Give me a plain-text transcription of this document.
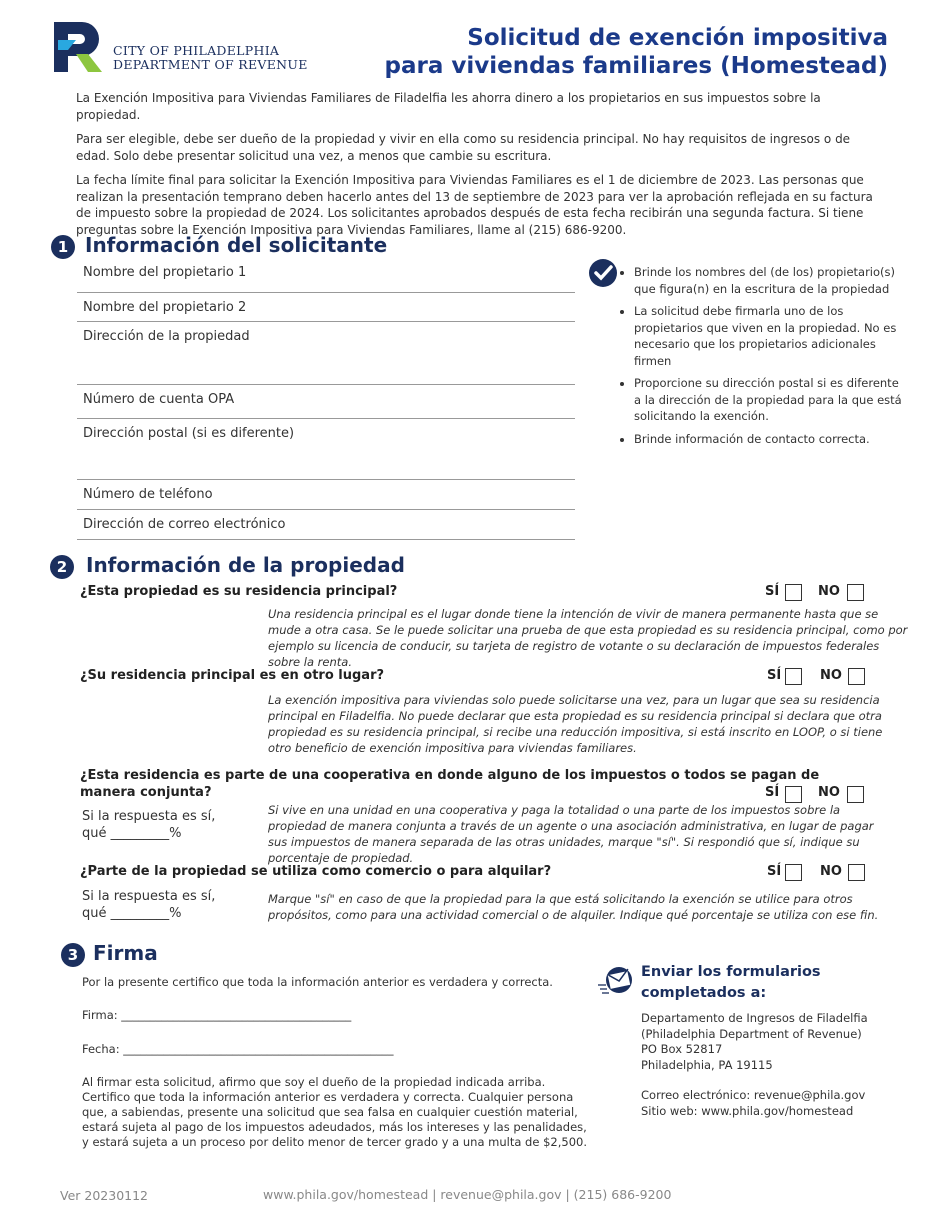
CITY OF PHILADELPHIA
DEPARTMENT OF REVENUE
Solicitud de exención impositiva
para viviendas familiares (Homestead)

La Exención Impositiva para Viviendas Familiares de Filadelfia les ahorra dinero a los propietarios en sus impuestos sobre la propiedad.

Para ser elegible, debe ser dueño de la propiedad y vivir en ella como su residencia principal. No hay requisitos de ingresos o de edad. Solo debe presentar solicitud una vez, a menos que cambie su escritura.

La fecha límite final para solicitar la Exención Impositiva para Viviendas Familiares es el 1 de diciembre de 2023. Las personas que realizan la presentación temprano deben hacerlo antes del 13 de septiembre de 2023 para ver la aprobación reflejada en su factura de impuesto sobre la propiedad de 2024. Los solicitantes aprobados después de esta fecha recibirán una segunda factura. Si tiene preguntas sobre la Exención Impositiva para Viviendas Familiares, llame al (215) 686-9200.

1 Información del solicitante
Nombre del propietario 1
Nombre del propietario 2
Dirección de la propiedad
Número de cuenta OPA
Dirección postal (si es diferente)
Número de teléfono
Dirección de correo electrónico
• Brinde los nombres del (de los) propietario(s) que figura(n) en la escritura de la propiedad
• La solicitud debe firmarla uno de los propietarios que viven en la propiedad. No es necesario que los propietarios adicionales firmen
• Proporcione su dirección postal si es diferente a la dirección de la propiedad para la que está solicitando la exención.
• Brinde información de contacto correcta.
2 Información de la propiedad
¿Esta propiedad es su residencia principal?	SÍ	NO
Una residencia principal es el lugar donde tiene la intención de vivir de manera permanente hasta que se mude a otra casa. Se le puede solicitar una prueba de que esta propiedad es su residencia principal, como por ejemplo su licencia de conducir, su tarjeta de registro de votante o su declaración de impuestos federales sobre la renta.
¿Su residencia principal es en otro lugar?	SÍ	NO
La exención impositiva para viviendas solo puede solicitarse una vez, para un lugar que sea su residencia principal en Filadelfia. No puede declarar que esta propiedad es su residencia principal si declara que otra propiedad es su residencia principal, si recibe una reducción impositiva, si está inscrito en LOOP, o si tiene otro beneficio de exención impositiva para viviendas familiares.
¿Esta residencia es parte de una cooperativa en donde alguno de los impuestos o todos se pagan de manera conjunta?	SÍ	NO
Si la respuesta es sí,
qué _________%
Si vive en una unidad en una cooperativa y paga la totalidad o una parte de los impuestos sobre la propiedad de manera conjunta a través de un agente o una asociación administrativa, en lugar de pagar sus impuestos de manera separada de las otras unidades, marque "sí". Si respondió que sí, indique su porcentaje de propiedad.
¿Parte de la propiedad se utiliza como comercio o para alquilar?	SÍ	NO
Si la respuesta es sí,
qué _________%
Marque "sí" en caso de que la propiedad para la que está solicitando la exención se utilice para otros propósitos, como para una actividad comercial o de alquiler. Indique qué porcentaje se utiliza con ese fin.
3 Firma
Por la presente certifico que toda la información anterior es verdadera y correcta.
Firma: ________________________________________
Fecha: _______________________________________________
Al firmar esta solicitud, afirmo que soy el dueño de la propiedad indicada arriba. Certifico que toda la información anterior es verdadera y correcta. Cualquier persona que, a sabiendas, presente una solicitud que sea falsa en cualquier cuestión material, estará sujeta al pago de los impuestos adeudados, más los intereses y las penalidades, y estará sujeta a un proceso por delito menor de tercer grado y a una multa de $2,500.
Enviar los formularios
completados a:
Departamento de Ingresos de Filadelfia
(Philadelphia Department of Revenue)
PO Box 52817
Philadelphia, PA 19115
Correo electrónico: revenue@phila.gov
Sitio web: www.phila.gov/homestead
Ver 20230112	www.phila.gov/homestead | revenue@phila.gov | (215) 686-9200
